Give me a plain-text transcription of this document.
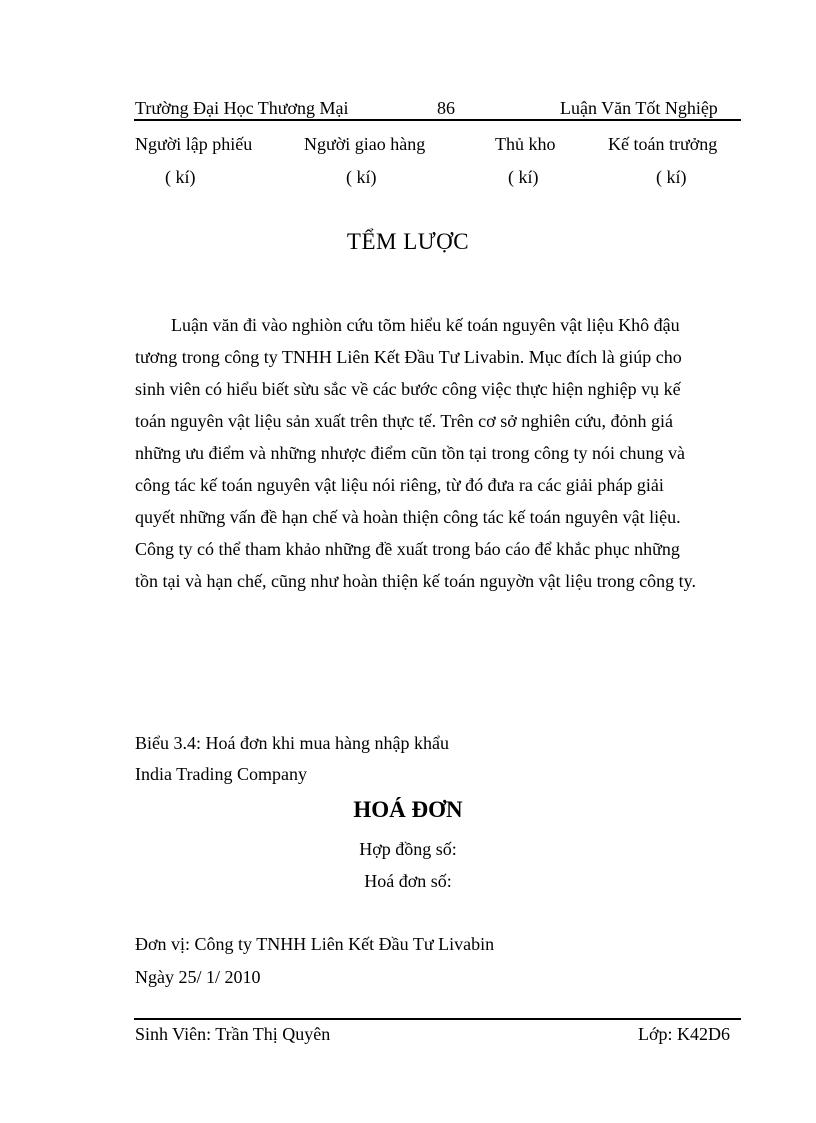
Trường Đại Học Thương Mại	86	Luận Văn Tốt Nghiệp
Người lập phiếu	Người giao hàng	Thủ kho	Kế toán trưởng
( kí)	( kí)	( kí)	( kí)
TỂM LƯỢC
Luận văn đi vào nghiòn cứu tõm hiểu kế toán nguyên vật liệu Khô đậu
tương trong công ty TNHH Liên Kết Đầu Tư Livabin. Mục đích là giúp cho
sinh viên có hiểu biết sừu sắc về các bước công việc thực hiện nghiệp vụ kế
toán nguyên vật liệu sản xuất trên thực tế. Trên cơ sở nghiên cứu, đỏnh giá
những ưu điểm và những nhược điểm cũn tồn tại trong công ty nói chung và
công tác kế toán nguyên vật liệu nói riêng, từ đó đưa ra các giải pháp giải
quyết những vấn đề hạn chế và hoàn thiện công tác kế toán nguyên vật liệu.
Công ty có thể tham khảo những đề xuất trong báo cáo để khắc phục những
tồn tại và hạn chế, cũng như hoàn thiện kế toán nguyờn vật liệu trong công ty.
Biểu 3.4: Hoá đơn khi mua hàng nhập khẩu
India Trading Company
HOÁ ĐƠN
Hợp đồng số:
Hoá đơn số:
Đơn vị: Công ty TNHH Liên Kết Đầu Tư Livabin
Ngày 25/ 1/ 2010
Sinh Viên: Trần Thị Quyên	Lớp: K42D6
